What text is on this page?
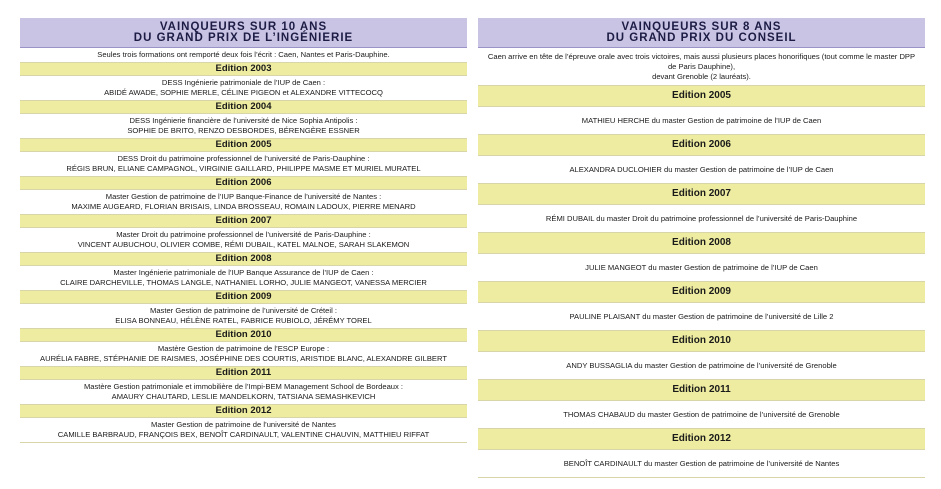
VAINQUEURS SUR 10 ANS
DU GRAND PRIX DE L’INGÉNIERIE
Seules trois formations ont remporté deux fois l’écrit : Caen, Nantes et Paris-Dauphine.
Edition 2003
DESS Ingénierie patrimoniale de l’IUP de Caen :
ABIDÉ AWADE, SOPHIE MERLE, CÉLINE PIGEON et ALEXANDRE VITTECOCQ
Edition 2004
DESS Ingénierie financière de l’université de Nice Sophia Antipolis :
SOPHIE DE BRITO, RENZO DESBORDES, BÉRENGÈRE ESSNER
Edition 2005
DESS Droit du patrimoine professionnel de l’université de Paris-Dauphine :
RÉGIS BRUN, ELIANE CAMPAGNOL, VIRGINIE GAILLARD, PHILIPPE MASME ET MURIEL MURATEL
Edition 2006
Master Gestion de patrimoine de l’IUP Banque-Finance de l’université de Nantes :
MAXIME AUGEARD, FLORIAN BRISAIS, LINDA BROSSEAU, ROMAIN LADOUX, PIERRE MENARD
Edition 2007
Master Droit du patrimoine professionnel de l’université de Paris-Dauphine :
VINCENT AUBUCHOU, OLIVIER COMBE, RÉMI DUBAIL, KATEL MALNOE, SARAH SLAKEMON
Edition 2008
Master Ingénierie patrimoniale de l’IUP Banque Assurance de l’IUP de Caen :
CLAIRE DARCHEVILLE, THOMAS LANGLE, NATHANIEL LORHO, JULIE MANGEOT, VANESSA MERCIER
Edition 2009
Master Gestion de patrimoine de l’université de Créteil :
ELISA BONNEAU, HÉLÈNE RATEL, FABRICE RUBIOLO, JÉRÉMY TOREL
Edition 2010
Mastère Gestion de patrimoine de l’ESCP Europe :
AURÉLIA FABRE, STÉPHANIE DE RAISMES, JOSÉPHINE DES COURTIS, ARISTIDE BLANC, ALEXANDRE GILBERT
Edition 2011
Mastère Gestion patrimoniale et immobilière de l’Impi-BEM Management School de Bordeaux :
AMAURY CHAUTARD, LESLIE MANDELKORN, TATSIANA SEMASHKEVICH
Edition 2012
Master Gestion de patrimoine de l’université de Nantes
CAMILLE BARBRAUD, FRANÇOIS BEX, BENOÎT CARDINAULT, VALENTINE CHAUVIN, MATTHIEU RIFFAT
VAINQUEURS SUR 8 ANS
DU GRAND PRIX DU CONSEIL
Caen arrive en tête de l’épreuve orale avec trois victoires, mais aussi plusieurs places honorifiques (tout comme le master DPP de Paris Dauphine),
devant Grenoble (2 lauréats).
Edition 2005
MATHIEU HERCHE du master Gestion de patrimoine de l’IUP de Caen
Edition 2006
ALEXANDRA DUCLOHIER du master Gestion de patrimoine de l’IUP de Caen
Edition 2007
RÉMI DUBAIL du master Droit du patrimoine professionnel de l’université de Paris-Dauphine
Edition 2008
JULIE MANGEOT du master Gestion de patrimoine de l’IUP de Caen
Edition 2009
PAULINE PLAISANT du master Gestion de patrimoine de l’université de Lille 2
Edition 2010
ANDY BUSSAGLIA du master Gestion de patrimoine de l’université de Grenoble
Edition 2011
THOMAS CHABAUD du master Gestion de patrimoine de l’université de Grenoble
Edition 2012
BENOÎT CARDINAULT du master Gestion de patrimoine de l’université de Nantes
